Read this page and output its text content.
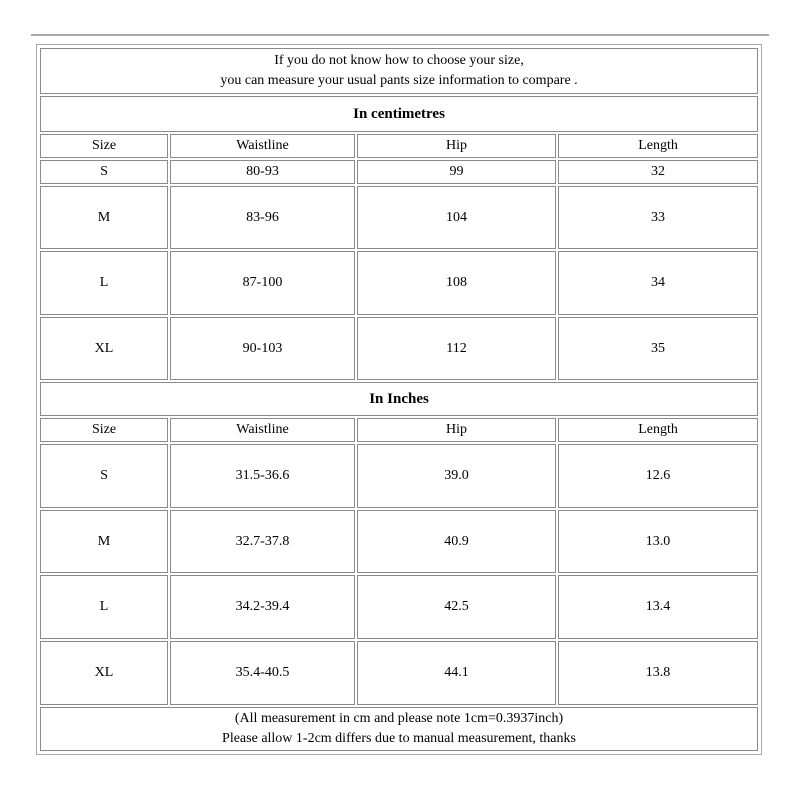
If you do not know how to choose your size,
you can measure your usual pants size information to compare .			

In centimetres			
Size	Waistline	Hip	Length
S	80-93	99	32
M	83-96	104	33
L	87-100	108	34
XL	90-103	112	35
In Inches			
Size	Waistline	Hip	Length
S	31.5-36.6	39.0	12.6
M	32.7-37.8	40.9	13.0
L	34.2-39.4	42.5	13.4
XL	35.4-40.5	44.1	13.8

(All measurement in cm and please note 1cm=0.3937inch)
Please allow 1-2cm differs due to manual measurement, thanks			
